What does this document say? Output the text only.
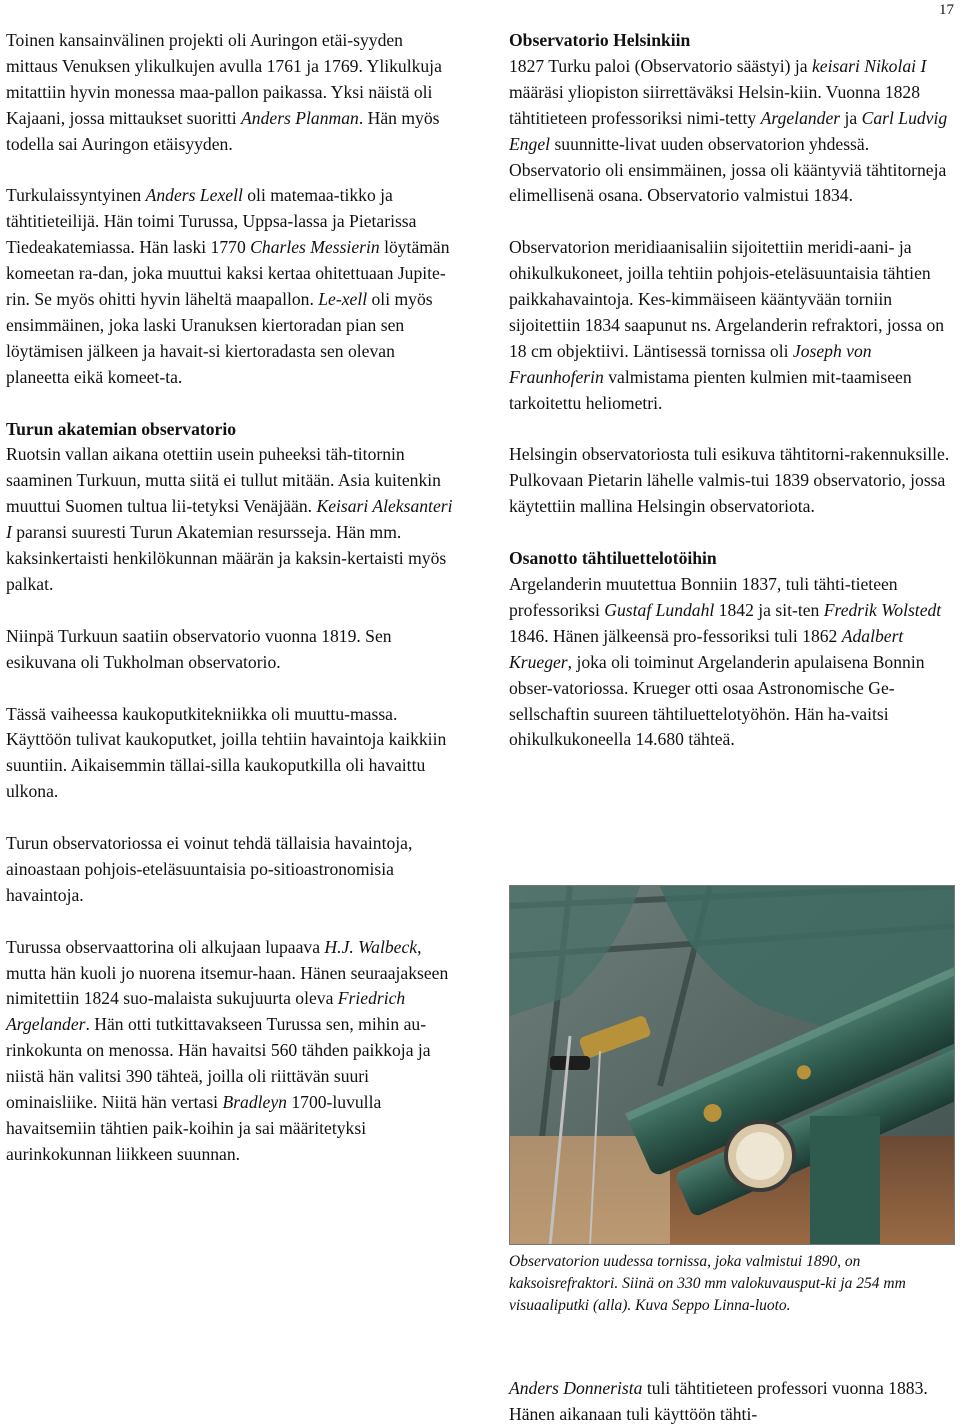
17

Toinen kansainvälinen projekti oli Auringon etäi-syyden mittaus Venuksen ylikulkujen avulla 1761 ja 1769. Ylikulkuja mitattiin hyvin monessa maa-pallon paikassa. Yksi näistä oli Kajaani, jossa mittaukset suoritti Anders Planman. Hän myös todella sai Auringon etäisyyden.

Turkulaissyntyinen Anders Lexell oli matemaa-tikko ja tähtitieteilijä. Hän toimi Turussa, Uppsa-lassa ja Pietarissa Tiedeakatemiassa. Hän laski 1770 Charles Messierin löytämän komeetan ra-dan, joka muuttui kaksi kertaa ohitettuaan Jupite-rin. Se myös ohitti hyvin läheltä maapallon. Le-xell oli myös ensimmäinen, joka laski Uranuksen kiertoradan pian sen löytämisen jälkeen ja havait-si kiertoradasta sen olevan planeetta eikä komeet-ta.

Turun akatemian observatorio

Ruotsin vallan aikana otettiin usein puheeksi täh-titornin saaminen Turkuun, mutta siitä ei tullut mitään. Asia kuitenkin muuttui Suomen tultua lii-tetyksi Venäjään. Keisari Aleksanteri I paransi suuresti Turun Akatemian resursseja. Hän mm. kaksinkertaisti henkilökunnan määrän ja kaksin-kertaisti myös palkat.

Niinpä Turkuun saatiin observatorio vuonna 1819. Sen esikuvana oli Tukholman observatorio.

Tässä vaiheessa kaukoputkitekniikka oli muuttu-massa. Käyttöön tulivat kaukoputket, joilla tehtiin havaintoja kaikkiin suuntiin. Aikaisemmin tällai-silla kaukoputkilla oli havaittu ulkona.

Turun observatoriossa ei voinut tehdä tällaisia havaintoja, ainoastaan pohjois-eteläsuuntaisia po-sitioastronomisia havaintoja.

Turussa observaattorina oli alkujaan lupaava H.J. Walbeck, mutta hän kuoli jo nuorena itsemur-haan. Hänen seuraajakseen nimitettiin 1824 suo-malaista sukujuurta oleva Friedrich Argelander. Hän otti tutkittavakseen Turussa sen, mihin au-rinkokunta on menossa. Hän havaitsi 560 tähden paikkoja ja niistä hän valitsi 390 tähteä, joilla oli riittävän suuri ominaisliike. Niitä hän vertasi Bradleyn 1700-luvulla havaitsemiin tähtien paik-koihin ja sai määritetyksi aurinkokunnan liikkeen suunnan.

Observatorio Helsinkiin

1827 Turku paloi (Observatorio säästyi) ja keisari Nikolai I määräsi yliopiston siirrettäväksi Helsin-kiin. Vuonna 1828 tähtitieteen professoriksi nimi-tetty Argelander ja Carl Ludvig Engel suunnitte-livat uuden observatorion yhdessä. Observatorio oli ensimmäinen, jossa oli kääntyviä tähtitorneja elimellisenä osana. Observatorio valmistui 1834.

Observatorion meridiaanisaliin sijoitettiin meridi-aani- ja ohikulkukoneet, joilla tehtiin pohjois-eteläsuuntaisia tähtien paikkahavaintoja. Kes-kimmäiseen kääntyvään torniin sijoitettiin 1834 saapunut ns. Argelanderin refraktori, jossa on 18 cm objektiivi. Läntisessä tornissa oli Joseph von Fraunhoferin valmistama pienten kulmien mit-taamiseen tarkoitettu heliometri.

Helsingin observatoriosta tuli esikuva tähtitorni-rakennuksille. Pulkovaan Pietarin lähelle valmis-tui 1839 observatorio, jossa käytettiin mallina Helsingin observatoriota.

Osanotto tähtiluettelotöihin

Argelanderin muutettua Bonniin 1837, tuli tähti-tieteen professoriksi Gustaf Lundahl 1842 ja sit-ten Fredrik Wolstedt 1846. Hänen jälkeensä pro-fessoriksi tuli 1862 Adalbert Krueger, joka oli toiminut Argelanderin apulaisena Bonnin obser-vatoriossa. Krueger otti osaa Astronomische Ge-sellschaftin suureen tähtiluettelotyöhön. Hän ha-vaitsi ohikulkukoneella 14.680 tähteä.

Observatorion uudessa tornissa, joka valmistui 1890, on kaksoisrefraktori. Siinä on 330 mm valokuvausput-ki ja 254 mm visuaaliputki (alla). Kuva Seppo Linna-luoto.
Anders Donnerista tuli tähtitieteen professori vuonna 1883. Hänen aikanaan tuli käyttöön tähti-
